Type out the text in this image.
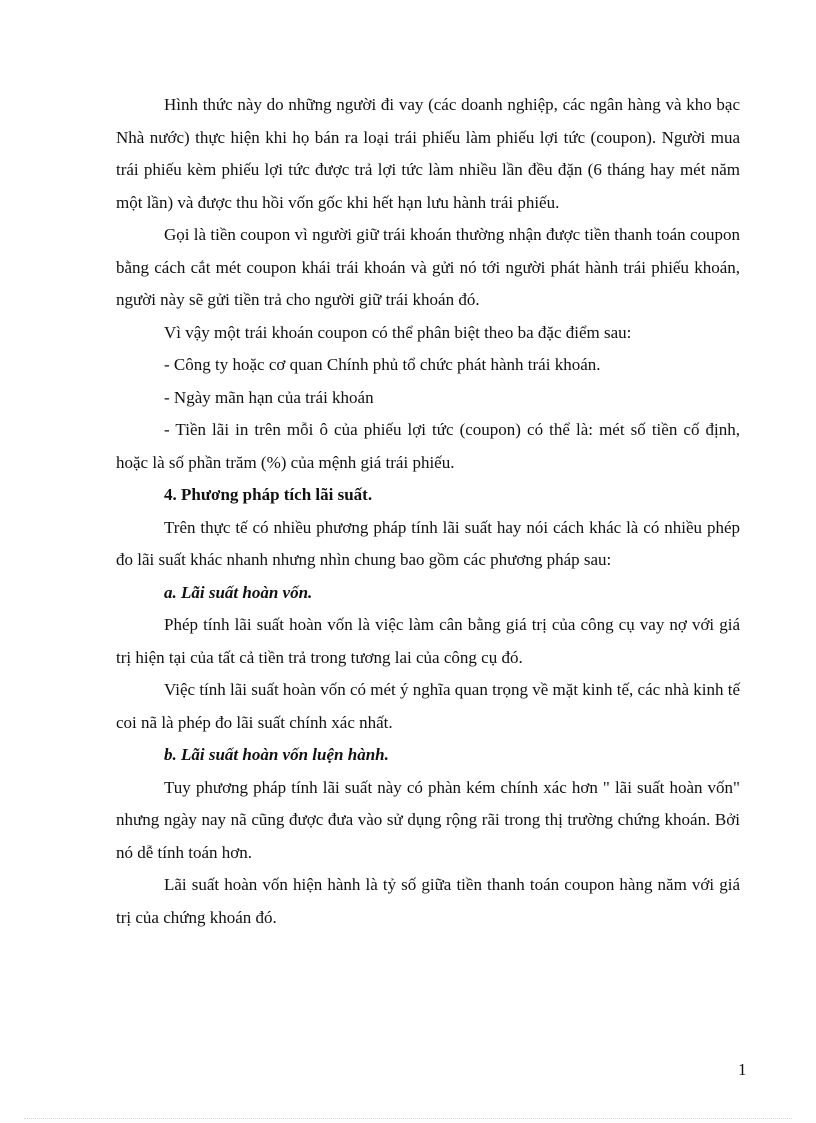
Hình thức này do những người đi vay (các doanh nghiệp, các ngân hàng và kho bạc Nhà nước) thực hiện khi họ bán ra loại trái phiếu làm phiếu lợi tức (coupon). Người mua trái phiếu kèm phiếu lợi tức được trả lợi tức làm nhiều lần đều đặn (6 tháng hay mét năm một lần) và được thu hồi vốn gốc khi hết hạn lưu hành trái phiếu.

Gọi là tiền coupon vì người giữ trái khoán thường nhận được tiền thanh toán coupon bằng cách cắt mét coupon khái trái khoán và gửi nó tới người phát hành trái phiếu khoán, người này sẽ gửi tiền trả cho người giữ trái khoán đó.

Vì vậy một trái khoán coupon có thể phân biệt theo ba đặc điểm sau:

- Công ty hoặc cơ quan Chính phủ tổ chức phát hành trái khoán.

- Ngày mãn hạn của trái khoán

- Tiền lãi in trên mỗi ô của phiếu lợi tức (coupon) có thể là: mét số tiền cố định, hoặc là số phần trăm (%) của mệnh giá trái phiếu.

4. Phương pháp tích lãi suất.

Trên thực tế có nhiều phương pháp tính lãi suất hay nói cách khác là có nhiều phép đo lãi suất khác nhanh nhưng nhìn chung bao gồm các phương pháp sau:

a. Lãi suất hoàn vốn.

Phép tính lãi suất hoàn vốn là việc làm cân bằng giá trị của công cụ vay nợ với giá trị hiện tại của tất cả tiền trả trong tương lai của công cụ đó.

Việc tính lãi suất hoàn vốn có mét ý nghĩa quan trọng về mặt kinh tế, các nhà kinh tế coi nã là phép đo lãi suất chính xác nhất.

b. Lãi suất hoàn vốn luện hành.

Tuy phương pháp tính lãi suất này có phàn kém chính xác hơn " lãi suất hoàn vốn" nhưng ngày nay nã cũng được đưa vào sử dụng rộng rãi trong thị trường chứng khoán. Bởi nó dễ tính toán hơn.

Lãi suất hoàn vốn hiện hành là tỷ số giữa tiền thanh toán coupon hàng năm với giá trị của chứng khoán đó.

1
